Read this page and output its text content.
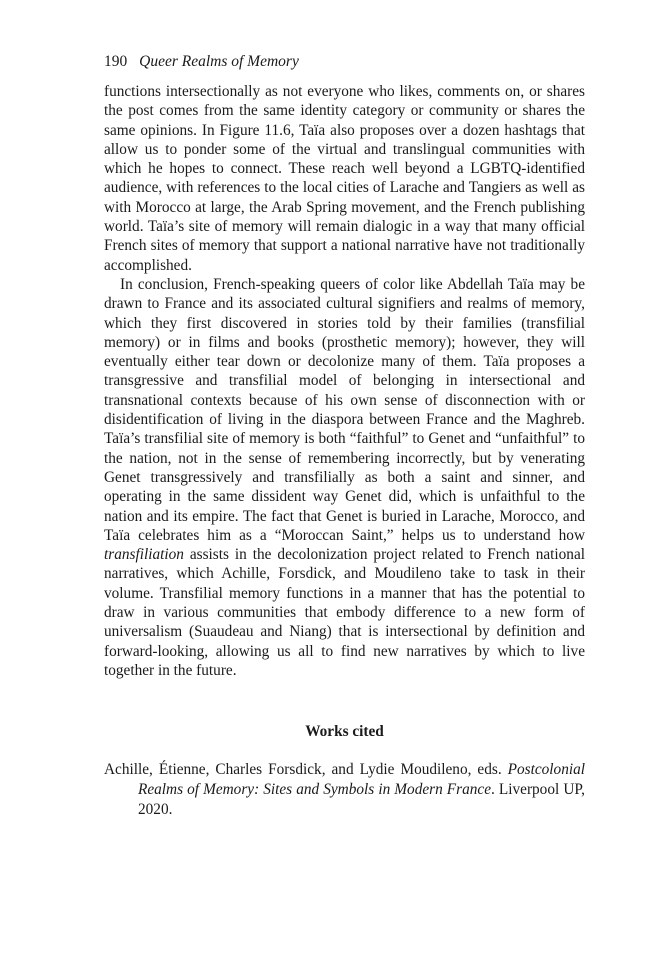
190 Queer Realms of Memory

functions intersectionally as not everyone who likes, comments on, or shares the post comes from the same identity category or community or shares the same opinions. In Figure 11.6, Taïa also proposes over a dozen hashtags that allow us to ponder some of the virtual and translingual communities with which he hopes to connect. These reach well beyond a LGBTQ-identified audience, with references to the local cities of Larache and Tangiers as well as with Morocco at large, the Arab Spring movement, and the French publishing world. Taïa’s site of memory will remain dialogic in a way that many official French sites of memory that support a national narrative have not traditionally accomplished.

In conclusion, French-speaking queers of color like Abdellah Taïa may be drawn to France and its associated cultural signifiers and realms of memory, which they first discovered in stories told by their families (transfilial memory) or in films and books (prosthetic memory); however, they will eventually either tear down or decolonize many of them. Taïa proposes a transgressive and transfilial model of belonging in intersectional and transnational contexts because of his own sense of disconnection with or disidentification of living in the diaspora between France and the Maghreb. Taïa’s transfilial site of memory is both “faithful” to Genet and “unfaithful” to the nation, not in the sense of remembering incorrectly, but by venerating Genet transgressively and transfilially as both a saint and sinner, and operating in the same dissident way Genet did, which is unfaithful to the nation and its empire. The fact that Genet is buried in Larache, Morocco, and Taïa celebrates him as a “Moroccan Saint,” helps us to understand how transfiliation assists in the decolonization project related to French national narratives, which Achille, Forsdick, and Moudileno take to task in their volume. Transfilial memory functions in a manner that has the potential to draw in various communities that embody difference to a new form of universalism (Suaudeau and Niang) that is intersectional by definition and forward-looking, allowing us all to find new narratives by which to live together in the future.

Works cited
Achille, Étienne, Charles Forsdick, and Lydie Moudileno, eds. Postcolonial Realms of Memory: Sites and Symbols in Modern France. Liverpool UP, 2020.
